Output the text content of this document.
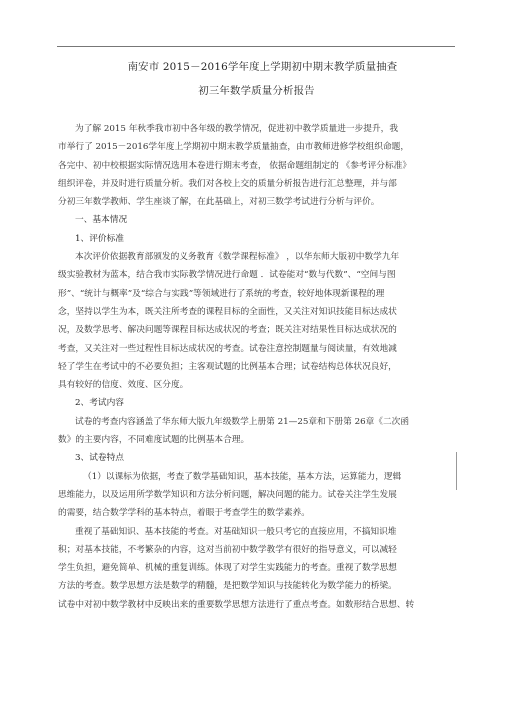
南安市 2015－2016学年度上学期初中期末教学质量抽查
初三年数学质量分析报告
为了解 2015 年秋季我市初中各年级的教学情况，促进初中教学质量进一步提升，我
市举行了 2015－2016学年度上学期初中期末教学质量抽查，由市教师进修学校组织命题，
各完中、初中校根据实际情况选用本卷进行期末考查， 依据命题组制定的 《参考评分标准》
组织评卷，并及时进行质量分析。我们对各校上交的质量分析报告进行汇总整理，并与部
分初三年数学教师、学生座谈了解，在此基础上，对初三数学考试进行分析与评价。
一、基本情况
1、评价标准
本次评价依据教育部颁发的义务教育《数学课程标准》 ，以华东师大版初中数学九年
级实验教材为蓝本，结合我市实际教学情况进行命题 ．试卷能对“数与代数”、“空间与图
形”、“统计与概率”及“综合与实践”等领域进行了系统的考查，较好地体现新课程的理
念，坚持以学生为本，既关注所考查的课程目标的全面性，又关注对知识技能目标达成状
况，及数学思考、解决问题等课程目标达成状况的考查；既关注对结果性目标达成状况的
考查，又关注对一些过程性目标达成状况的考查。试卷注意控制题量与阅读量，有效地减
轻了学生在考试中的不必要负担；主客观试题的比例基本合理；试卷结构总体状况良好，
具有较好的信度、效度、区分度。
2、考试内容
试卷的考查内容涵盖了华东师大版九年级数学上册第 21—25章和下册第 26章《二次函
数》的主要内容，不同难度试题的比例基本合理。
3、试卷特点
（1）以课标为依据，考查了数学基础知识，基本技能，基本方法，运算能力，逻辑
思维能力，以及运用所学数学知识和方法分析问题，解决问题的能力。试卷关注学生发展
的需要，结合数学学科的基本特点，着眼于考查学生的数学素养。
重视了基础知识、基本技能的考查。对基础知识一般只考它的直接应用，不搞知识堆
积；对基本技能，不考繁杂的内容，这对当前初中数学教学有很好的指导意义，可以减轻
学生负担，避免简单、机械的重复训练。体现了对学生实践能力的考查。重视了数学思想
方法的考查。数学思想方法是数学的精髓，是把数学知识与技能转化为数学能力的桥梁。
试卷中对初中数学教材中反映出来的重要数学思想方法进行了重点考查。如数形结合思想、转
